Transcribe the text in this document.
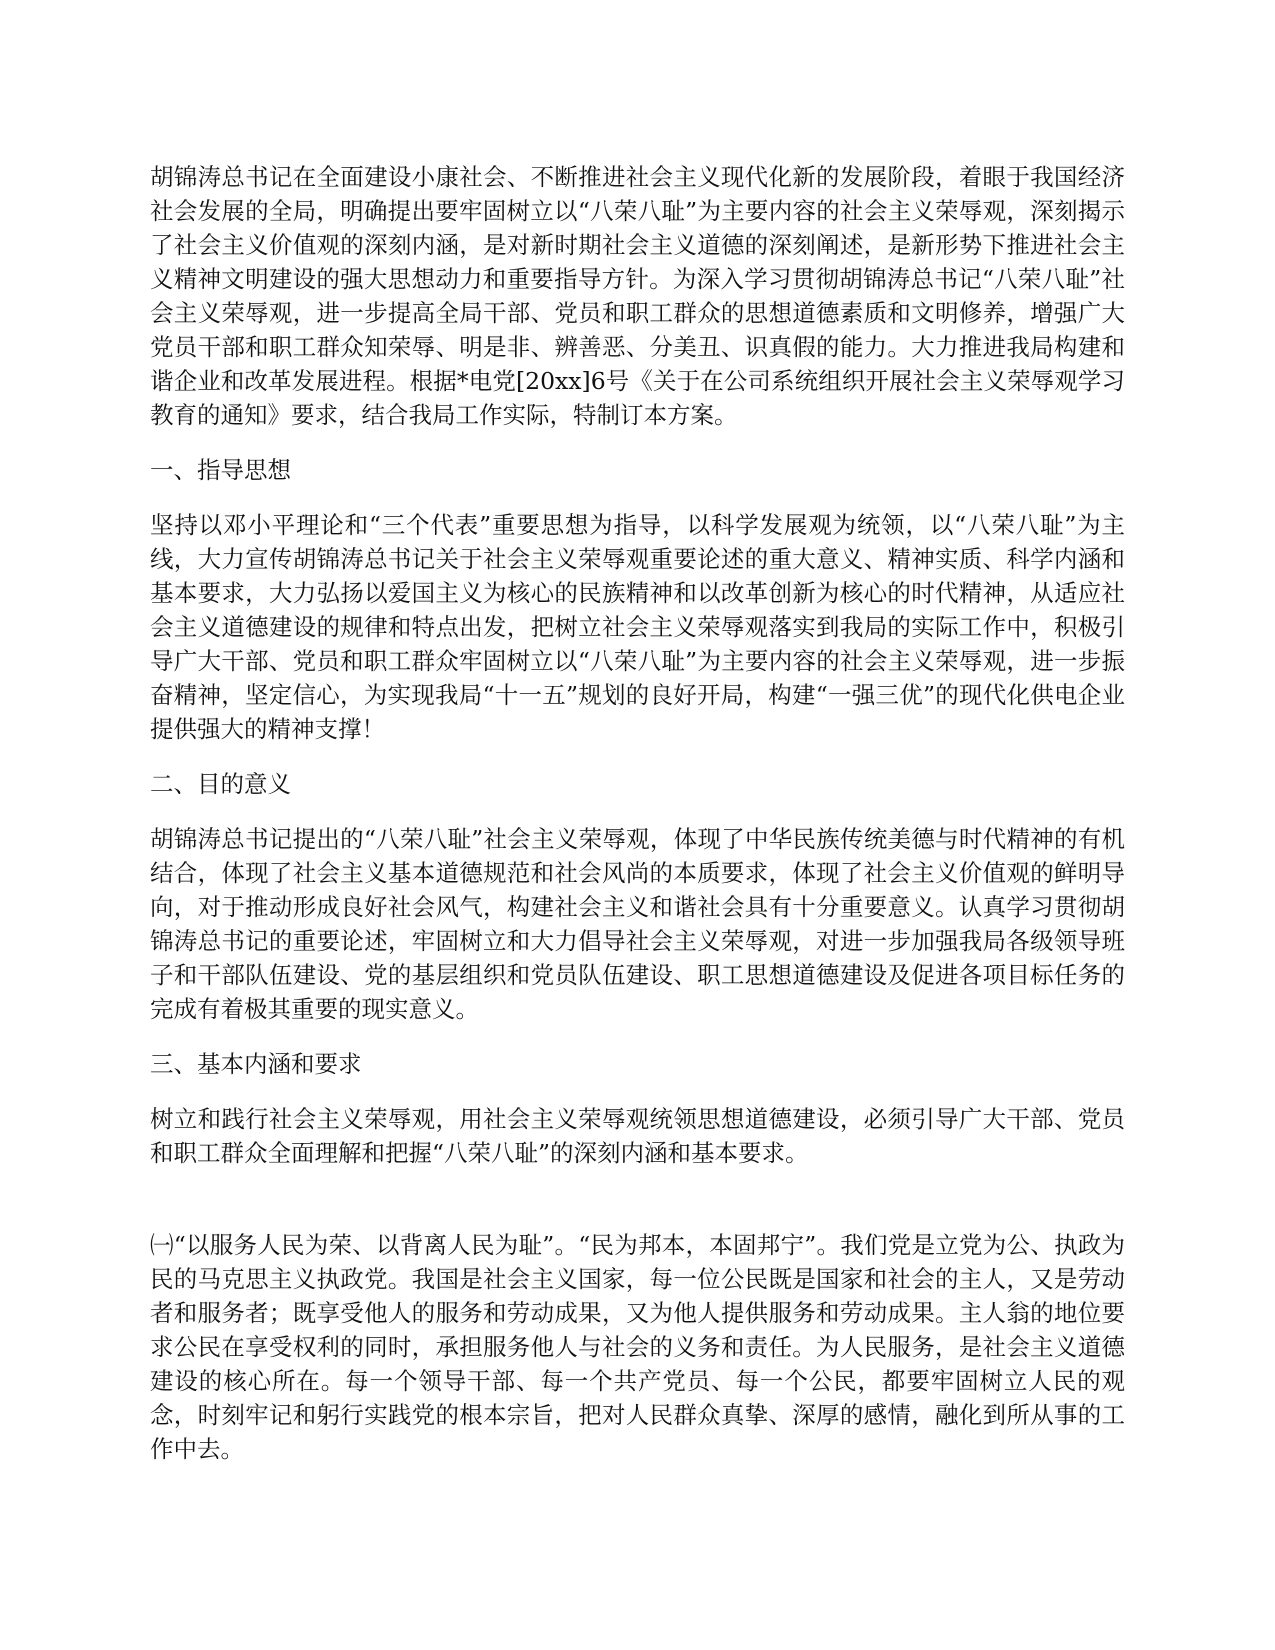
胡锦涛总书记在全面建设小康社会、不断推进社会主义现代化新的发展阶段，着眼于我国经济社会发展的全局，明确提出要牢固树立以“八荣八耻”为主要内容的社会主义荣辱观，深刻揭示了社会主义价值观的深刻内涵，是对新时期社会主义道德的深刻阐述，是新形势下推进社会主义精神文明建设的强大思想动力和重要指导方针。为深入学习贯彻胡锦涛总书记“八荣八耻”社会主义荣辱观，进一步提高全局干部、党员和职工群众的思想道德素质和文明修养，增强广大党员干部和职工群众知荣辱、明是非、辨善恶、分美丑、识真假的能力。大力推进我局构建和谐企业和改革发展进程。根据*电党[20xx]6号《关于在公司系统组织开展社会主义荣辱观学习教育的通知》要求，结合我局工作实际，特制订本方案。

一、指导思想

坚持以邓小平理论和“三个代表”重要思想为指导，以科学发展观为统领，以“八荣八耻”为主线，大力宣传胡锦涛总书记关于社会主义荣辱观重要论述的重大意义、精神实质、科学内涵和基本要求，大力弘扬以爱国主义为核心的民族精神和以改革创新为核心的时代精神，从适应社会主义道德建设的规律和特点出发，把树立社会主义荣辱观落实到我局的实际工作中，积极引导广大干部、党员和职工群众牢固树立以“八荣八耻”为主要内容的社会主义荣辱观，进一步振奋精神，坚定信心，为实现我局“十一五”规划的良好开局，构建“一强三优”的现代化供电企业提供强大的精神支撑！

二、目的意义

胡锦涛总书记提出的“八荣八耻”社会主义荣辱观，体现了中华民族传统美德与时代精神的有机结合，体现了社会主义基本道德规范和社会风尚的本质要求，体现了社会主义价值观的鲜明导向，对于推动形成良好社会风气，构建社会主义和谐社会具有十分重要意义。认真学习贯彻胡锦涛总书记的重要论述，牢固树立和大力倡导社会主义荣辱观，对进一步加强我局各级领导班子和干部队伍建设、党的基层组织和党员队伍建设、职工思想道德建设及促进各项目标任务的完成有着极其重要的现实意义。

三、基本内涵和要求

树立和践行社会主义荣辱观，用社会主义荣辱观统领思想道德建设，必须引导广大干部、党员和职工群众全面理解和把握“八荣八耻”的深刻内涵和基本要求。

㈠“以服务人民为荣、以背离人民为耻”。“民为邦本，本固邦宁”。我们党是立党为公、执政为民的马克思主义执政党。我国是社会主义国家，每一位公民既是国家和社会的主人，又是劳动者和服务者；既享受他人的服务和劳动成果，又为他人提供服务和劳动成果。主人翁的地位要求公民在享受权利的同时，承担服务他人与社会的义务和责任。为人民服务，是社会主义道德建设的核心所在。每一个领导干部、每一个共产党员、每一个公民，都要牢固树立人民的观念，时刻牢记和躬行实践党的根本宗旨，把对人民群众真挚、深厚的感情，融化到所从事的工作中去。
